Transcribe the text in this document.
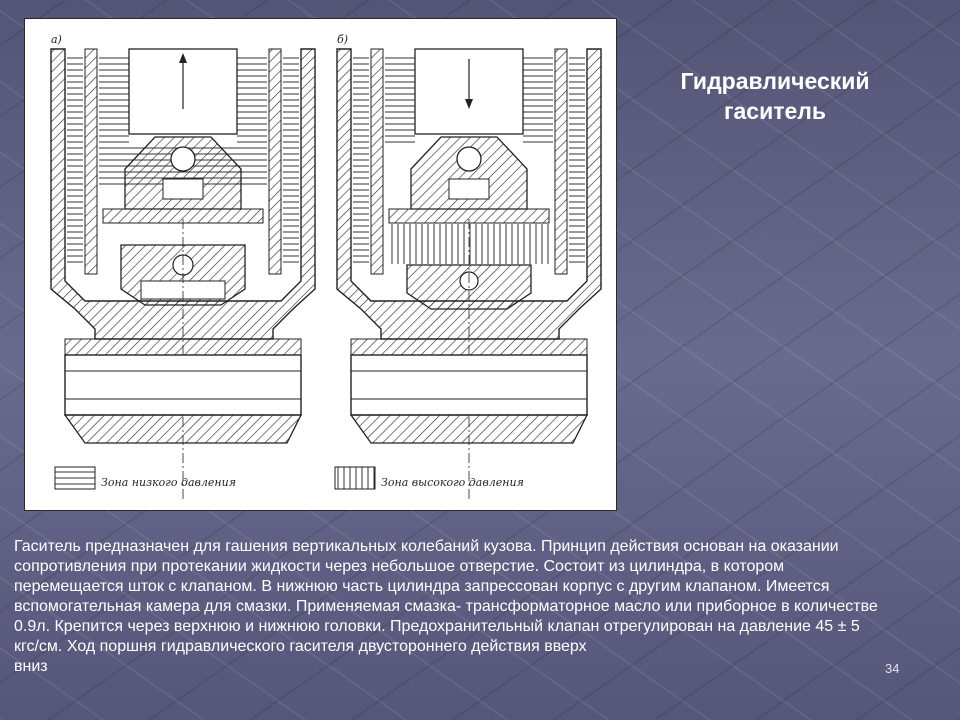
а)
Зона низкого давления
б)
Зона высокого давления
Гидравлический
гаситель
Гаситель предназначен для гашения вертикальных колебаний кузова. Принцип действия основан на оказании
сопротивления при протекании жидкости через небольшое отверстие. Состоит из цилиндра, в котором
перемещается шток с клапаном. В нижнюю часть цилиндра запрессован корпус с другим клапаном. Имеется
вспомогательная камера для смазки. Применяемая смазка- трансформаторное масло или приборное в количестве
0.9л. Крепится через верхнюю и нижнюю головки. Предохранительный клапан отрегулирован на давление 45 ± 5
кгс/см. Ход поршня гидравлического гасителя двустороннего действия вверх
вниз	34
